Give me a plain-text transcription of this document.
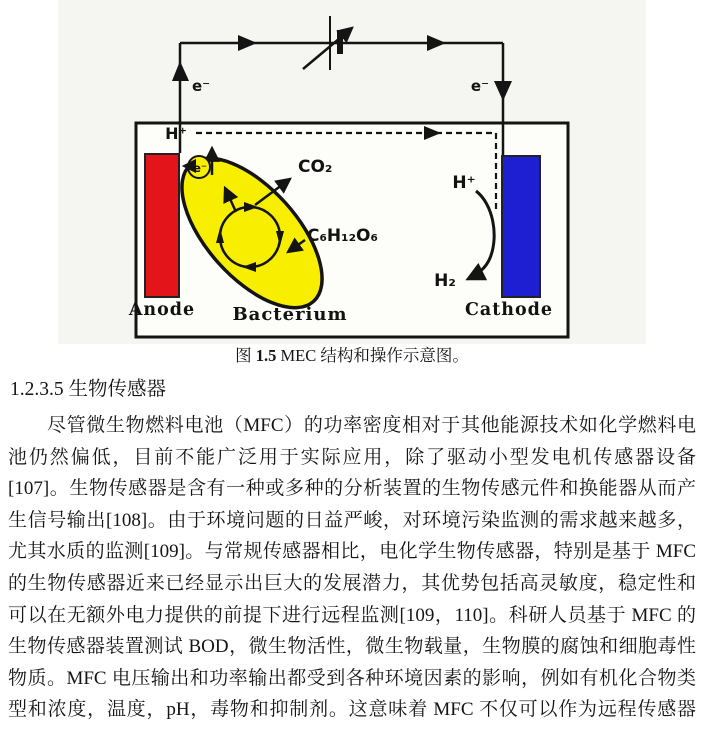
e⁻
e⁻	e⁻
H⁺
CO₂
C₆H₁₂O₆
H⁺
H₂
Anode Bacterium	Cathode
图 1.5 MEC 结构和操作示意图。
1.2.3.5 生物传感器
尽管微生物燃料电池（MFC）的功率密度相对于其他能源技术如化学燃料电
池仍然偏低，目前不能广泛用于实际应用，除了驱动小型发电机传感器设备
[107]。生物传感器是含有一种或多种的分析装置的生物传感元件和换能器从而产
生信号输出[108]。由于环境问题的日益严峻，对环境污染监测的需求越来越多，
尤其水质的监测[109]。与常规传感器相比，电化学生物传感器，特别是基于 MFC
的生物传感器近来已经显示出巨大的发展潜力，其优势包括高灵敏度，稳定性和
可以在无额外电力提供的前提下进行远程监测[109，110]。科研人员基于 MFC 的
生物传感器装置测试 BOD，微生物活性，微生物载量，生物膜的腐蚀和细胞毒性
物质。MFC 电压输出和功率输出都受到各种环境因素的影响，例如有机化合物类
型和浓度，温度，pH，毒物和抑制剂。这意味着 MFC 不仅可以作为远程传感器
